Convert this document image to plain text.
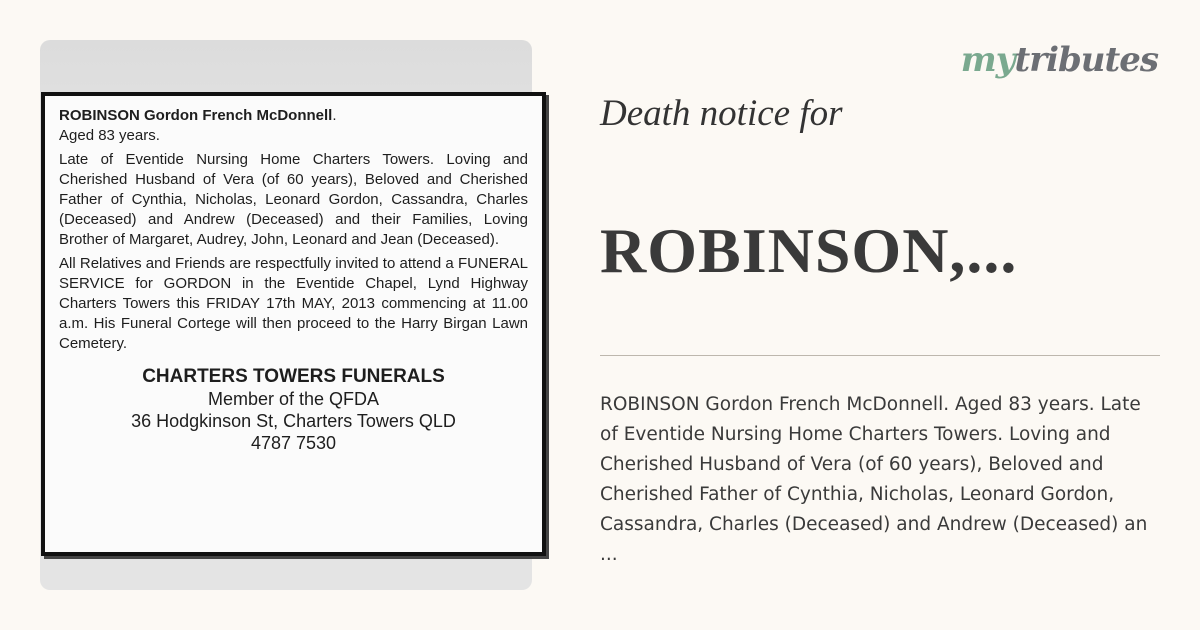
ROBINSON Gordon French McDonnell.

Aged 83 years.

Late of Eventide Nursing Home Charters Towers. Loving and Cherished Husband of Vera (of 60 years), Beloved and Cherished Father of Cynthia, Nicholas, Leonard Gordon, Cassandra, Charles (Deceased) and Andrew (Deceased) and their Families, Loving Brother of Margaret, Audrey, John, Leonard and Jean (Deceased).

All Relatives and Friends are respectfully invited to attend a FUNERAL SERVICE for GORDON in the Eventide Chapel, Lynd Highway Charters Towers this FRIDAY 17th MAY, 2013 commencing at 11.00 a.m. His Funeral Cortege will then proceed to the Harry Birgan Lawn Cemetery.

CHARTERS TOWERS FUNERALS
Member of the QFDA
36 Hodgkinson St, Charters Towers QLD
4787 7530
mytributes
Death notice for
ROBINSON,...
ROBINSON Gordon French McDonnell. Aged 83 years. Late
of Eventide Nursing Home Charters Towers. Loving and
Cherished Husband of Vera (of 60 years), Beloved and
Cherished Father of Cynthia, Nicholas, Leonard Gordon,
Cassandra, Charles (Deceased) and Andrew (Deceased) an
...
